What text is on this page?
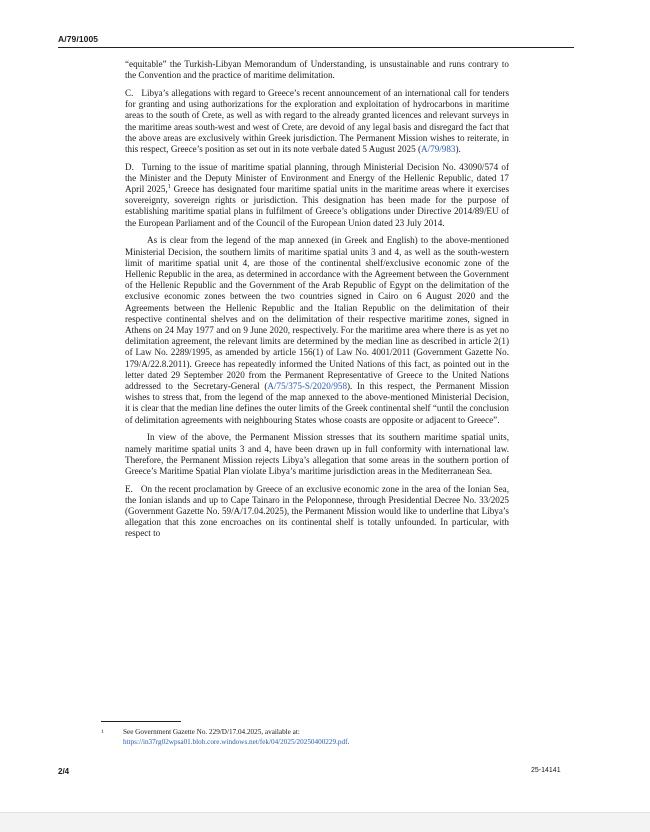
A/79/1005

“equitable” the Turkish-Libyan Memorandum of Understanding, is unsustainable and runs contrary to the Convention and the practice of maritime delimitation.

C. Libya’s allegations with regard to Greece’s recent announcement of an international call for tenders for granting and using authorizations for the exploration and exploitation of hydrocarbons in maritime areas to the south of Crete, as well as with regard to the already granted licences and relevant surveys in the maritime areas south-west and west of Crete, are devoid of any legal basis and disregard the fact that the above areas are exclusively within Greek jurisdiction. The Permanent Mission wishes to reiterate, in this respect, Greece’s position as set out in its note verbale dated 5 August 2025 (A/79/983).

D. Turning to the issue of maritime spatial planning, through Ministerial Decision No. 43090/574 of the Minister and the Deputy Minister of Environment and Energy of the Hellenic Republic, dated 17 April 2025,$^1$ Greece has designated four maritime spatial units in the maritime areas where it exercises sovereignty, sovereign rights or jurisdiction. This designation has been made for the purpose of establishing maritime spatial plans in fulfilment of Greece’s obligations under Directive 2014/89/EU of the European Parliament and of the Council of the European Union dated 23 July 2014.

As is clear from the legend of the map annexed (in Greek and English) to the above-mentioned Ministerial Decision, the southern limits of maritime spatial units 3 and 4, as well as the south-western limit of maritime spatial unit 4, are those of the continental shelf/exclusive economic zone of the Hellenic Republic in the area, as determined in accordance with the Agreement between the Government of the Hellenic Republic and the Government of the Arab Republic of Egypt on the delimitation of the exclusive economic zones between the two countries signed in Cairo on 6 August 2020 and the Agreements between the Hellenic Republic and the Italian Republic on the delimitation of their respective continental shelves and on the delimitation of their respective maritime zones, signed in Athens on 24 May 1977 and on 9 June 2020, respectively. For the maritime area where there is as yet no delimitation agreement, the relevant limits are determined by the median line as described in article 2(1) of Law No. 2289/1995, as amended by article 156(1) of Law No. 4001/2011 (Government Gazette No. 179/A/22.8.2011). Greece has repeatedly informed the United Nations of this fact, as pointed out in the letter dated 29 September 2020 from the Permanent Representative of Greece to the United Nations addressed to the Secretary-General (A/75/375-S/2020/958). In this respect, the Permanent Mission wishes to stress that, from the legend of the map annexed to the above-mentioned Ministerial Decision, it is clear that the median line defines the outer limits of the Greek continental shelf “until the conclusion of delimitation agreements with neighbouring States whose coasts are opposite or adjacent to Greece”.

In view of the above, the Permanent Mission stresses that its southern maritime spatial units, namely maritime spatial units 3 and 4, have been drawn up in full conformity with international law. Therefore, the Permanent Mission rejects Libya’s allegation that some areas in the southern portion of Greece’s Maritime Spatial Plan violate Libya’s maritime jurisdiction areas in the Mediterranean Sea.

E. On the recent proclamation by Greece of an exclusive economic zone in the area of the Ionian Sea, the Ionian islands and up to Cape Tainaro in the Peloponnese, through Presidential Decree No. 33/2025 (Government Gazette No. 59/A/17.04.2025), the Permanent Mission would like to underline that Libya’s allegation that this zone encroaches on its continental shelf is totally unfounded. In particular, with respect to

1	See Government Gazette No. 229/D/17.04.2025, available at:
https://in37rg02wpsa01.blob.core.windows.net/fek/04/2025/20250400229.pdf.
2/4	25-14141
